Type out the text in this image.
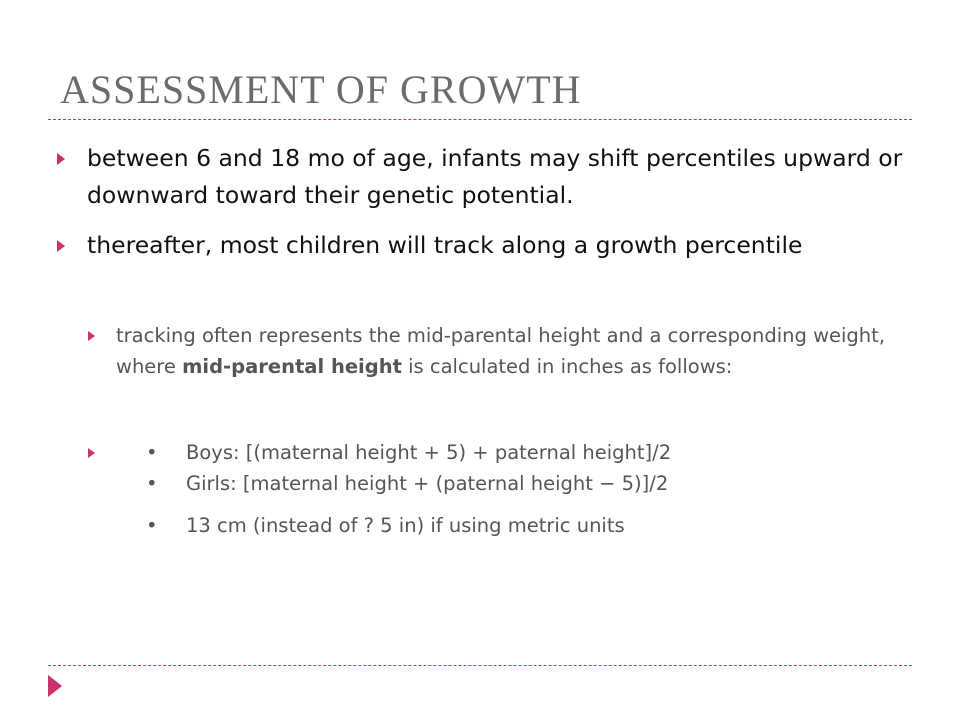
ASSESSMENT OF GROWTH
between 6 and 18 mo of age, infants may shift percentiles upward or downward toward their genetic potential.
thereafter, most children will track along a growth percentile
tracking often represents the mid-parental height and a corresponding weight, where mid-parental height is calculated in inches as follows:
• Boys: [(maternal height + 5) + paternal height]/2
• Girls: [maternal height + (paternal height − 5)]/2
• 13 cm (instead of ? 5 in) if using metric units
